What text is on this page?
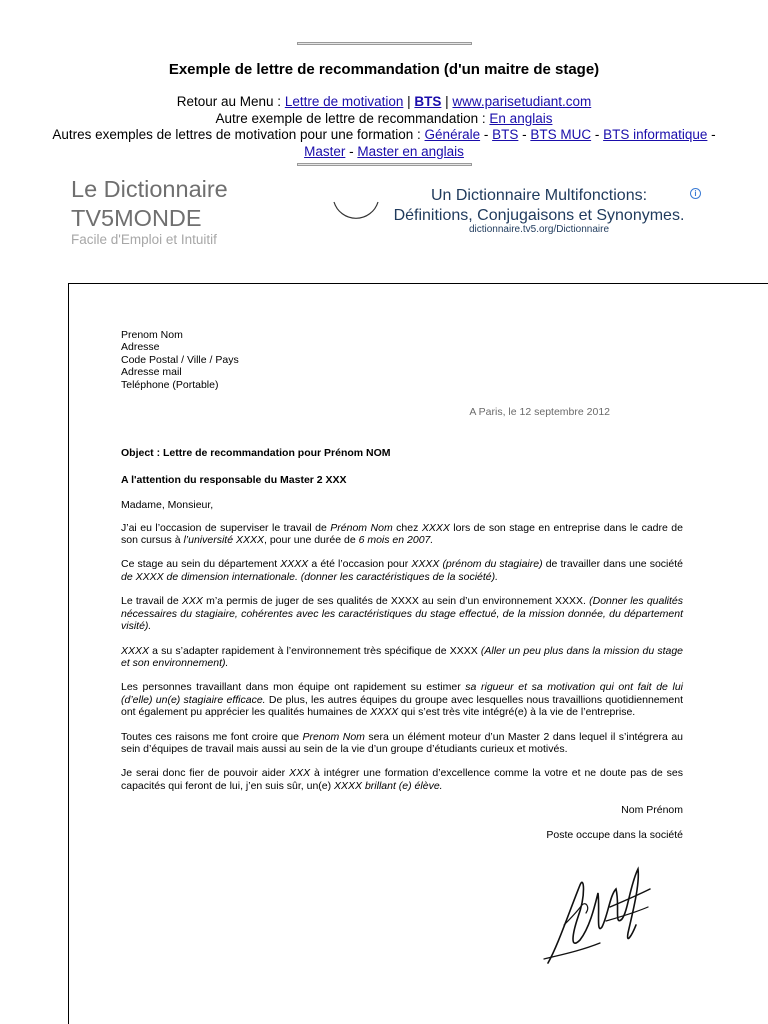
Exemple de lettre de recommandation (d'un maitre de stage)
Retour au Menu : Lettre de motivation | BTS | www.parisetudiant.com
Autre exemple de lettre de recommandation : En anglais
Autres exemples de lettres de motivation pour une formation : Générale - BTS - BTS MUC - BTS informatique -
Master - Master en anglais
Le Dictionnaire
TV5MONDE
Facile d'Emploi et Intuitif
Un Dictionnaire Multifonctions:
Définitions, Conjugaisons et Synonymes.
dictionnaire.tv5.org/Dictionnaire
i
Prenom Nom
Adresse
Code Postal / Ville / Pays
Adresse mail
Teléphone (Portable)
A Paris, le 12 septembre 2012

Object : Lettre de recommandation pour Prénom NOM

A l'attention du responsable du Master 2 XXX

Madame, Monsieur,

J’ai eu l’occasion de superviser le travail de Prénom Nom chez XXXX lors de son stage en entreprise dans le cadre de son cursus à l’université XXXX, pour une durée de 6 mois en 2007.

Ce stage au sein du département XXXX a été l’occasion pour XXXX (prénom du stagiaire) de travailler dans une société de XXXX de dimension internationale. (donner les caractéristiques de la société).

Le travail de XXX m’a permis de juger de ses qualités de XXXX au sein d’un environnement XXXX. (Donner les qualités nécessaires du stagiaire, cohérentes avec les caractéristiques du stage effectué, de la mission donnée, du département visité).

XXXX a su s’adapter rapidement à l’environnement très spécifique de XXXX (Aller un peu plus dans la mission du stage et son environnement).

Les personnes travaillant dans mon équipe ont rapidement su estimer sa rigueur et sa motivation qui ont fait de lui (d’elle) un(e) stagiaire efficace. De plus, les autres équipes du groupe avec lesquelles nous travaillions quotidiennement ont également pu apprécier les qualités humaines de XXXX qui s’est très vite intégré(e) à la vie de l’entreprise.

Toutes ces raisons me font croire que Prenom Nom sera un élément moteur d’un Master 2 dans lequel il s’intégrera au sein d’équipes de travail mais aussi au sein de la vie d’un groupe d’étudiants curieux et motivés.

Je serai donc fier de pouvoir aider XXX à intégrer une formation d’excellence comme la votre et ne doute pas de ses capacités qui feront de lui, j’en suis sûr, un(e) XXXX brillant (e) élève.

Nom Prénom

Poste occupe dans la société
